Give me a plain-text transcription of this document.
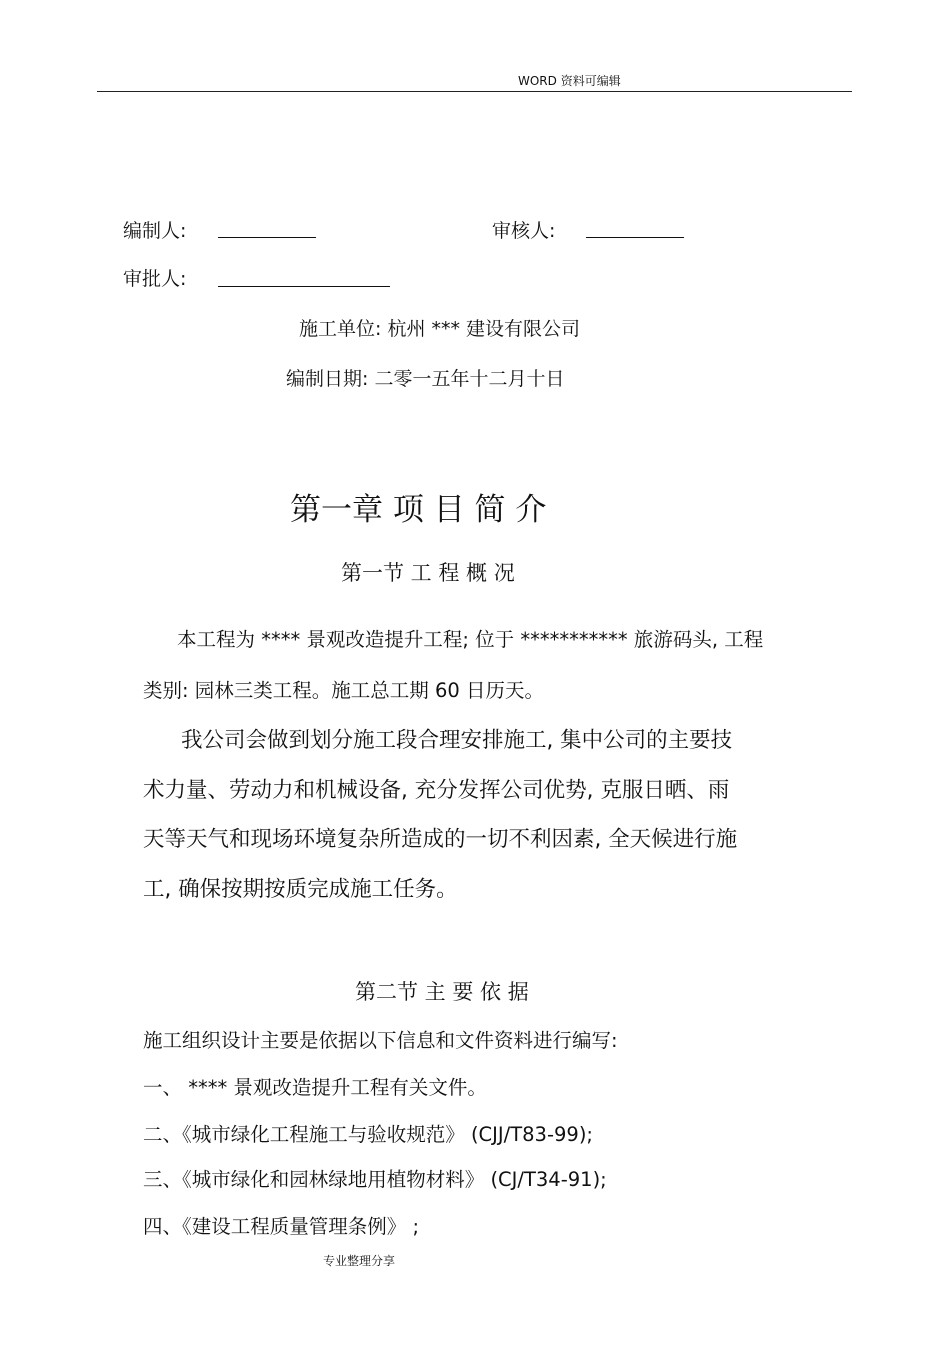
WORD 资料可编辑
编制人:	审核人:
审批人:
施工单位: 杭州 *** 建设有限公司
编制日期: 二零一五年十二月十日
第一章 项 目 简 介
第一节 工 程 概 况
本工程为 **** 景观改造提升工程; 位于 *********** 旅游码头, 工程
类别: 园林三类工程。施工总工期 60 日历天。
我公司会做到划分施工段合理安排施工, 集中公司的主要技
术力量、劳动力和机械设备, 充分发挥公司优势, 克服日晒、雨
天等天气和现场环境复杂所造成的一切不利因素, 全天候进行施
工, 确保按期按质完成施工任务。
第二节 主 要 依 据
施工组织设计主要是依据以下信息和文件资料进行编写:
一、 **** 景观改造提升工程有关文件。
二、《城市绿化工程施工与验收规范》 (CJJ/T83-99);
三、《城市绿化和园林绿地用植物材料》 (CJ/T34-91);
四、《建设工程质量管理条例》 ;
专业整理分享
